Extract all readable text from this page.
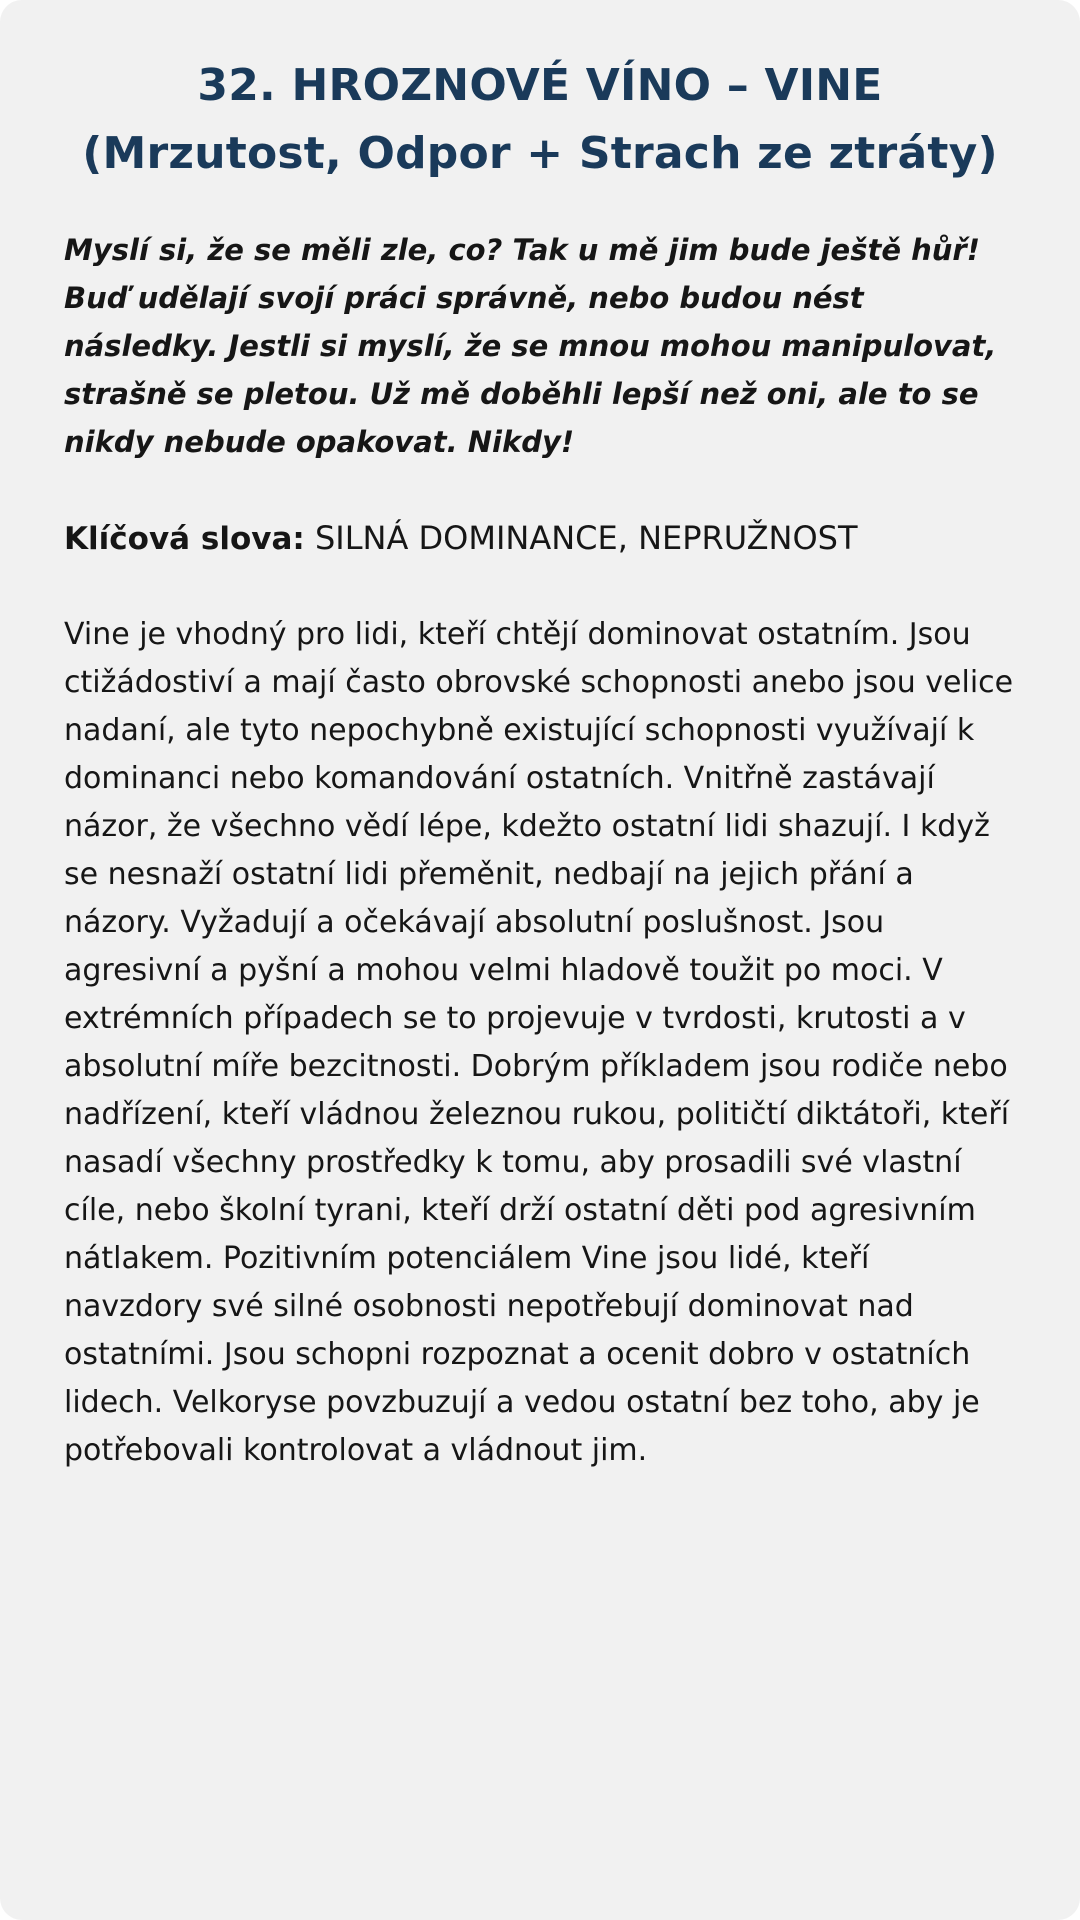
32. HROZNOVÉ VÍNO – VINE
(Mrzutost, Odpor + Strach ze ztráty)

Myslí si, že se měli zle, co? Tak u mě jim bude ještě hůř! Buď udělají svojí práci správně, nebo budou nést následky. Jestli si myslí, že se mnou mohou manipulovat, strašně se pletou. Už mě doběhli lepší než oni, ale to se nikdy nebude opakovat. Nikdy!

Klíčová slova: SILNÁ DOMINANCE, NEPRUŽNOST

Vine je vhodný pro lidi, kteří chtějí dominovat ostatním. Jsou ctižádostiví a mají často obrovské schopnosti anebo jsou velice nadaní, ale tyto nepochybně existující schopnosti využívají k dominanci nebo komandování ostatních. Vnitřně zastávají názor, že všechno vědí lépe, kdežto ostatní lidi shazují. I když se nesnaží ostatní lidi přeměnit, nedbají na jejich přání a názory. Vyžadují a očekávají absolutní poslušnost. Jsou agresivní a pyšní a mohou velmi hladově toužit po moci. V extrémních případech se to projevuje v tvrdosti, krutosti a v absolutní míře bezcitnosti. Dobrým příkladem jsou rodiče nebo nadřízení, kteří vládnou železnou rukou, političtí diktátoři, kteří nasadí všechny prostředky k tomu, aby prosadili své vlastní cíle, nebo školní tyrani, kteří drží ostatní děti pod agresivním nátlakem. Pozitivním potenciálem Vine jsou lidé, kteří navzdory své silné osobnosti nepotřebují dominovat nad ostatními. Jsou schopni rozpoznat a ocenit dobro v ostatních lidech. Velkoryse povzbuzují a vedou ostatní bez toho, aby je potřebovali kontrolovat a vládnout jim.
